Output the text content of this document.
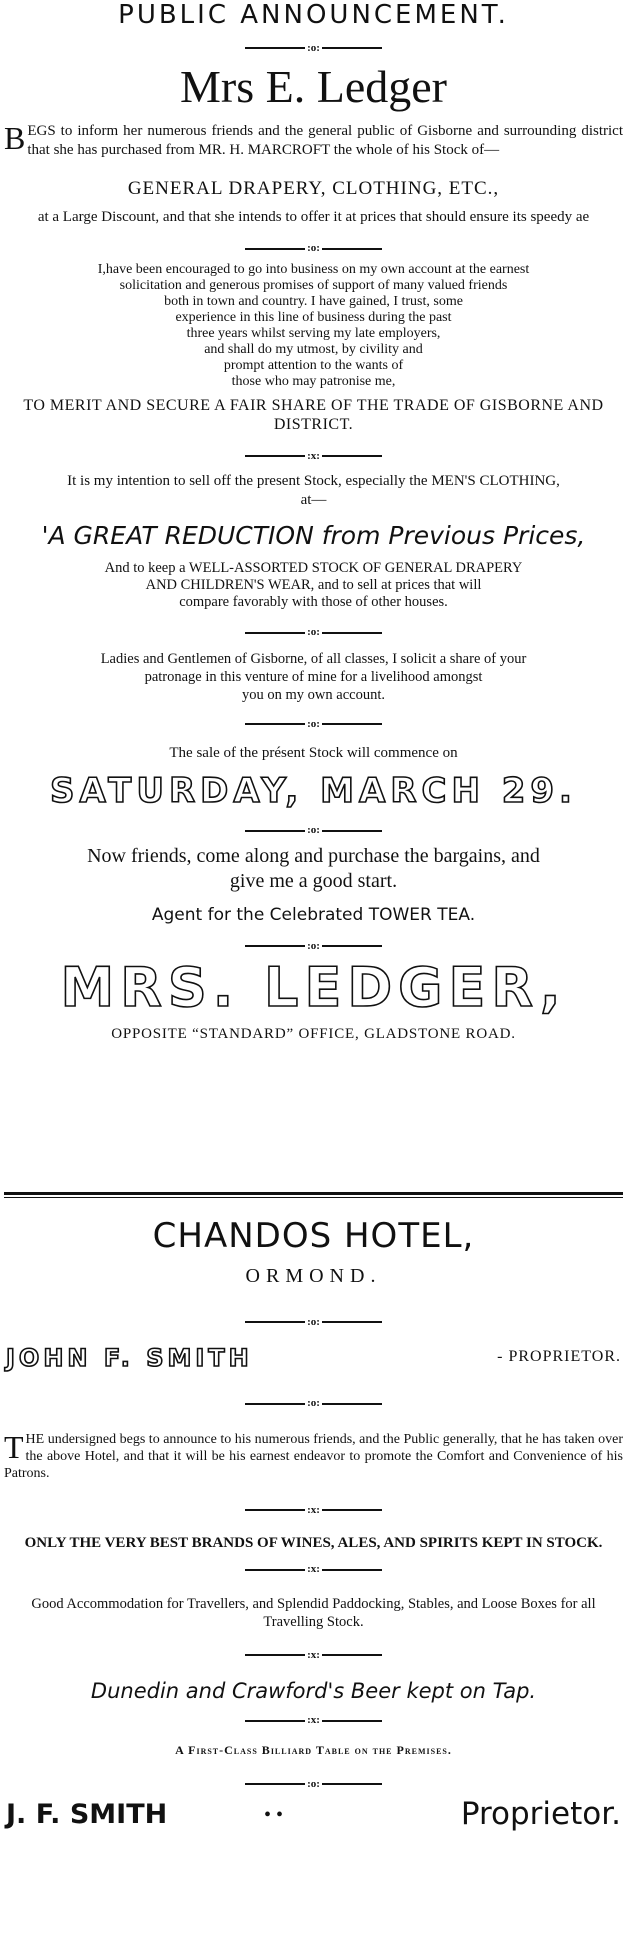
PUBLIC ANNOUNCEMENT.
:o:
Mrs E. Ledger
BEGS to inform her numerous friends and the general public of Gisborne and surrounding district that she has purchased from MR. H. MARCROFT the whole of his Stock of—
GENERAL DRAPERY, CLOTHING, ETC.,
at a Large Discount, and that she intends to offer it at prices that should ensure its speedy ae
:o:
I,have been encouraged to go into business on my own account at the earnest
solicitation and generous promises of support of many valued friends
both in town and country. I have gained, I trust, some
experience in this line of business during the past
three years whilst serving my late employers,
and shall do my utmost, by civility and
prompt attention to the wants of
those who may patronise me,
TO MERIT AND SECURE A FAIR SHARE OF THE TRADE OF GISBORNE AND DISTRICT.
:x:
It is my intention to sell off the present Stock, especially the MEN'S CLOTHING, at—
'A GREAT REDUCTION from Previous Prices,
And to keep a WELL-ASSORTED STOCK OF GENERAL DRAPERY
AND CHILDREN'S WEAR, and to sell at prices that will
compare favorably with those of other houses.
:o:
Ladies and Gentlemen of Gisborne, of all classes, I solicit a share of your
patronage in this venture of mine for a livelihood amongst
you on my own account.
:o:
The sale of the présent Stock will commence on
SATURDAY, MARCH 29.
:o:
Now friends, come along and purchase the bargains, and
give me a good start.
Agent for the Celebrated TOWER TEA.
:o:
MRS. LEDGER,
OPPOSITE “STANDARD” OFFICE, GLADSTONE ROAD.
CHANDOS HOTEL,
ORMOND.
:o:
JOHN F. SMITH	- PROPRIETOR.
:o:
THE undersigned begs to announce to his numerous friends, and the Public generally, that he has taken over the above Hotel, and that it will be his earnest endeavor to promote the Comfort and Convenience of his Patrons.
:x:
ONLY THE VERY BEST BRANDS OF WINES, ALES, AND SPIRITS KEPT IN STOCK.
:x:
Good Accommodation for Travellers, and Splendid Paddocking, Stables, and Loose Boxes for all Travelling Stock.
:x:
Dunedin and Crawford's Beer kept on Tap.
:x:
A First-Class Billiard Table on the Premises.
:o:
J. F. SMITH	• •	Proprietor.
